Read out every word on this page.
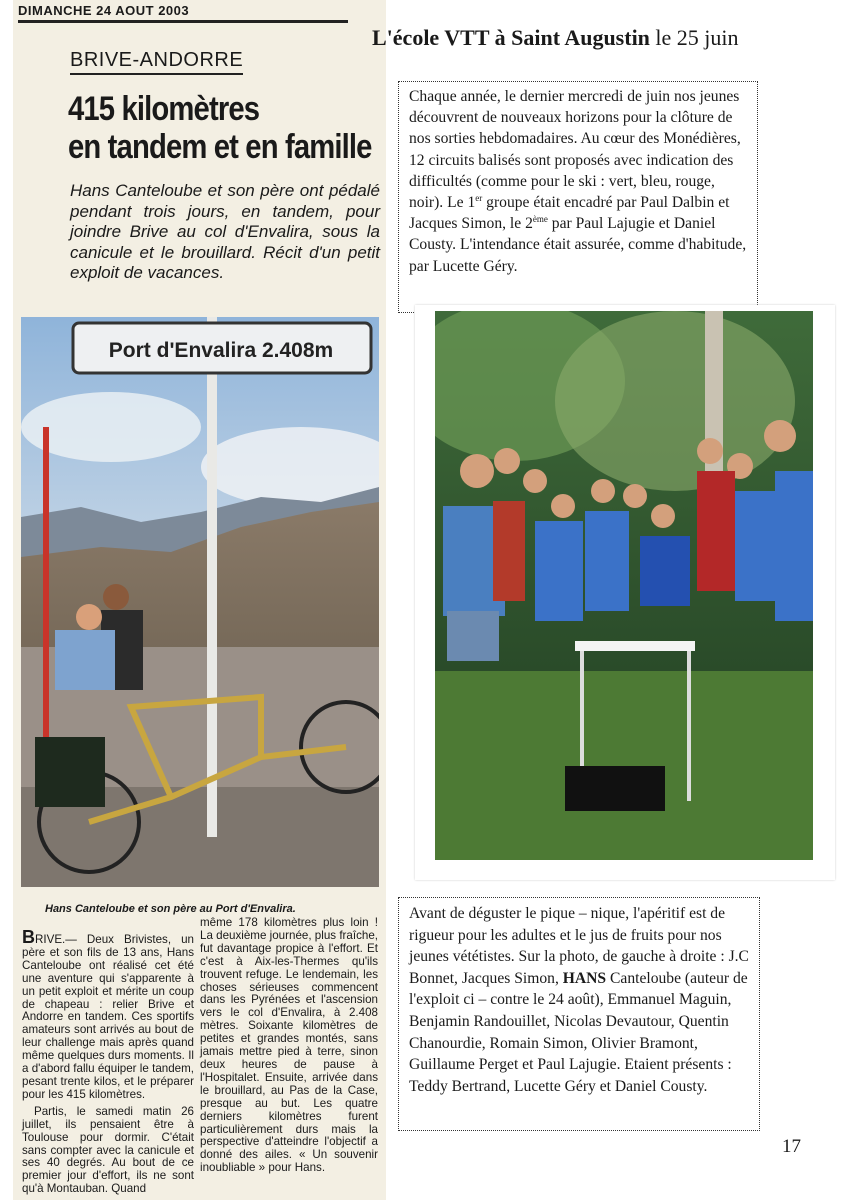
DIMANCHE 24 AOUT 2003
BRIVE-ANDORRE
415 kilomètres
en tandem et en famille
Hans Canteloube et son père ont pédalé pendant trois jours, en tandem, pour joindre Brive au col d'Envalira, sous la canicule et le brouillard. Récit d'un petit exploit de vacances.
Port d'Envalira 2.408m
Hans Canteloube et son père au Port d'Envalira.

BRIVE.— Deux Brivistes, un père et son fils de 13 ans, Hans Canteloube ont réalisé cet été une aventure qui s'apparente à un petit exploit et mérite un coup de chapeau : relier Brive et Andorre en tandem. Ces sportifs amateurs sont arrivés au bout de leur challenge mais après quand même quelques durs moments. Il a d'abord fallu équiper le tandem, pesant trente kilos, et le préparer pour les 415 kilomètres.

Partis, le samedi matin 26 juillet, ils pensaient être à Toulouse pour dormir. C'était sans compter avec la canicule et ses 40 degrés. Au bout de ce premier jour d'effort, ils ne sont qu'à Montauban. Quand

même 178 kilomètres plus loin ! La deuxième journée, plus fraîche, fut davantage propice à l'effort. Et c'est à Aix-les-Thermes qu'ils trouvent refuge. Le lendemain, les choses sérieuses commencent dans les Pyrénées et l'ascension vers le col d'Envalira, à 2.408 mètres. Soixante kilomètres de petites et grandes montés, sans jamais mettre pied à terre, sinon deux heures de pause à l'Hospitalet. Ensuite, arrivée dans le brouillard, au Pas de la Case, presque au but. Les quatre derniers kilomètres furent particulièrement durs mais la perspective d'atteindre l'objectif a donné des ailes. « Un souvenir inoubliable » pour Hans.
L'école VTT à Saint Augustin le 25 juin
Chaque année, le dernier mercredi de juin nos jeunes découvrent de nouveaux horizons pour la clôture de nos sorties hebdomadaires. Au cœur des Monédières, 12 circuits balisés sont proposés avec indication des difficultés (comme pour le ski : vert, bleu, rouge, noir). Le 1er groupe était encadré par Paul Dalbin et Jacques Simon, le 2ème par Paul Lajugie et Daniel Cousty. L'intendance était assurée, comme d'habitude, par Lucette Géry.
Avant de déguster le pique – nique, l'apéritif est de rigueur pour les adultes et le jus de fruits pour nos jeunes vététistes. Sur la photo, de gauche à droite : J.C Bonnet, Jacques Simon, HANS Canteloube (auteur de l'exploit ci – contre le 24 août), Emmanuel Maguin, Benjamin Randouillet, Nicolas Devautour, Quentin Chanourdie, Romain Simon, Olivier Bramont, Guillaume Perget et Paul Lajugie. Etaient présents : Teddy Bertrand, Lucette Géry et Daniel Cousty.
17
